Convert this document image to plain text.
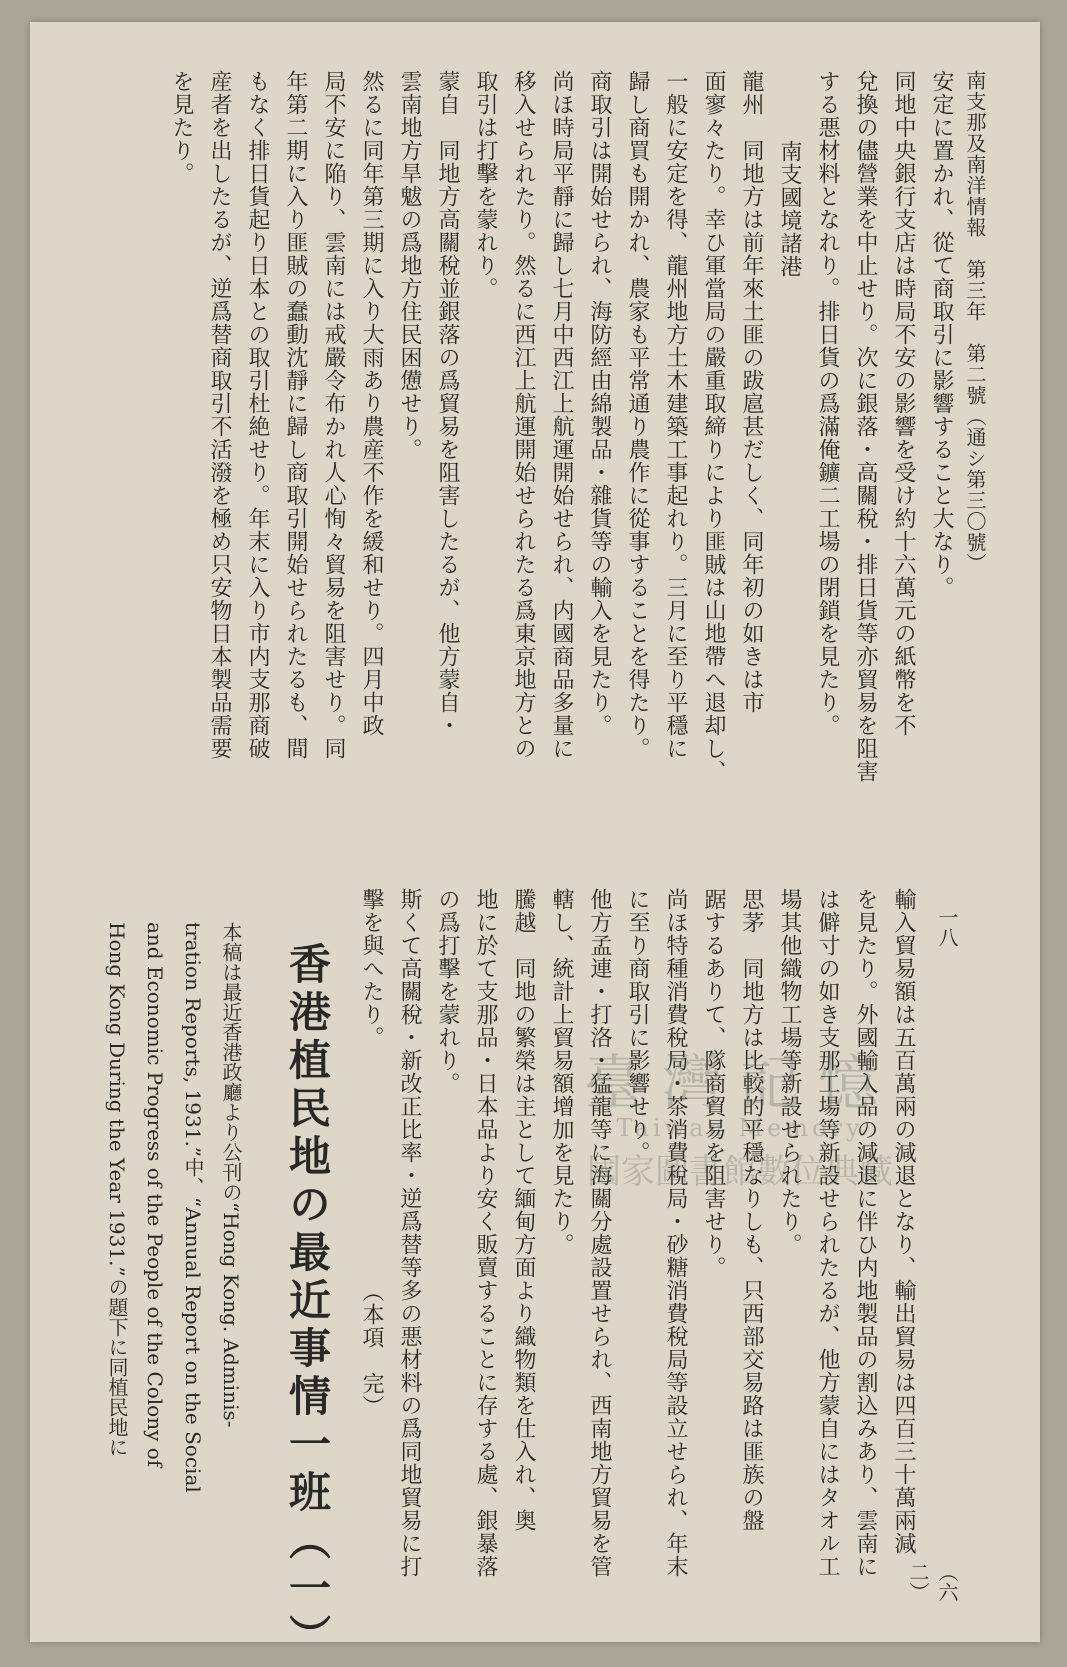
南支那及南洋情報　第三年　第二號（通シ第三〇號）
安定に置かれ、從て商取引に影響すること大なり。
同地中央銀行支店は時局不安の影響を受け約十六萬元の紙幣を不
兌換の儘營業を中止せり。次に銀落・高關稅・排日貨等亦貿易を阻害
する悪材料となれり。排日貨の爲滿俺鑛二工場の閉鎖を見たり。
南支國境諸港
龍州　同地方は前年來土匪の跋扈甚だしく、同年初の如きは市
面寥々たり。幸ひ軍當局の嚴重取締りにより匪賊は山地帶へ退却し、
一般に安定を得、龍州地方土木建築工事起れり。三月に至り平穩に
歸し商買も開かれ、農家も平常通り農作に從事することを得たり。
商取引は開始せられ、海防經由綿製品・雜貨等の輸入を見たり。
尚ほ時局平靜に歸し七月中西江上航運開始せられ、内國商品多量に
移入せられたり。然るに西江上航運開始せられたる爲東京地方との
取引は打擊を蒙れり。
蒙自　同地方高關稅並銀落の爲貿易を阻害したるが、他方蒙自・
雲南地方旱魃の爲地方住民困憊せり。
然るに同年第三期に入り大雨あり農産不作を緩和せり。四月中政
局不安に陥り、雲南には戒嚴令布かれ人心恂々貿易を阻害せり。同
年第二期に入り匪賊の蠢動沈靜に歸し商取引開始せられたるも、間
もなく排日貨起り日本との取引杜絶せり。年末に入り市内支那商破
産者を出したるが、逆爲替商取引不活潑を極め只安物日本製品需要
を見たり。
一八
（六二）
輸入貿易額は五百萬兩の減退となり、輸出貿易は四百三十萬兩減
を見たり。外國輸入品の減退に伴ひ内地製品の割込みあり、雲南に
は僻寸の如き支那工場等新設せられたるが、他方蒙自にはタオル工
場其他織物工場等新設せられたり。
思茅　同地方は比較的平穩なりしも、只西部交易路は匪族の盤
踞するありて、隊商貿易を阻害せり。
尚ほ特種消費稅局・茶消費稅局・砂糖消費稅局等設立せられ、年末
に至り商取引に影響せり。
他方孟連・打洛・猛龍等に海關分處設置せられ、西南地方貿易を管
轄し、統計上貿易額增加を見たり。
騰越　同地の繁榮は主として緬甸方面より織物類を仕入れ、奥
地に於て支那品・日本品より安く販賣することに存する處、銀暴落
の爲打擊を蒙れり。
斯くて高關稅・新改正比率・逆爲替等多の悪材料の爲同地貿易に打
擊を與へたり。　　　　　　　　　　　（本項　完）
香港植民地の最近事情一班（一）
本稿は最近香港政廳より公刊の“Hong Kong. Adminis-
tration Reports, 1931.”中、“Annual Report on the Social
and Economic Progress of the People of the Colony of
Hong Kong During the Year 1931.”の題下に同植民地に	臺灣記憶
Taiwan Memory
國家圖書館數位典藏
